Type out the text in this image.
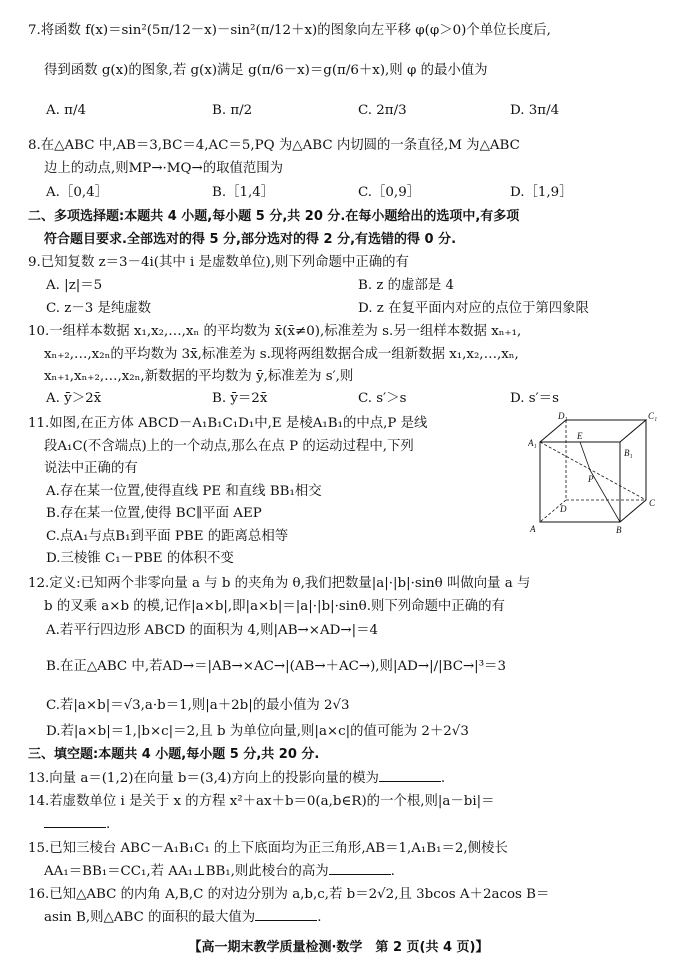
7.将函数 f(x)＝sin²(5π/12－x)－sin²(π/12＋x)的图象向左平移 φ(φ＞0)个单位长度后,
得到函数 g(x)的图象,若 g(x)满足 g(π/6－x)＝g(π/6＋x),则 φ 的最小值为
A. π/4	B. π/2	C. 2π/3	D. 3π/4
8.在△ABC 中,AB＝3,BC＝4,AC＝5,PQ 为△ABC 内切圆的一条直径,M 为△ABC
边上的动点,则MP→·MQ→的取值范围为
A.［0,4］	B.［1,4］	C.［0,9］	D.［1,9］
二、多项选择题:本题共 4 小题,每小题 5 分,共 20 分.在每小题给出的选项中,有多项
符合题目要求.全部选对的得 5 分,部分选对的得 2 分,有选错的得 0 分.
9.已知复数 z＝3－4i(其中 i 是虚数单位),则下列命题中正确的有
A. |z|＝5	B. z 的虚部是 4
C. z－3 是纯虚数	D. z 在复平面内对应的点位于第四象限
10.一组样本数据 x₁,x₂,…,xₙ 的平均数为 x̄(x̄≠0),标准差为 s.另一组样本数据 xₙ₊₁,
xₙ₊₂,…,x₂ₙ的平均数为 3x̄,标准差为 s.现将两组数据合成一组新数据 x₁,x₂,…,xₙ,
xₙ₊₁,xₙ₊₂,…,x₂ₙ,新数据的平均数为 ȳ,标准差为 s′,则
A. ȳ＞2x̄	B. ȳ＝2x̄	C. s′＞s	D. s′＝s
11.如图,在正方体 ABCD－A₁B₁C₁D₁中,E 是棱A₁B₁的中点,P 是线
段A₁C(不含端点)上的一个动点,那么在点 P 的运动过程中,下列
说法中正确的有
A.存在某一位置,使得直线 PE 和直线 BB₁相交
B.存在某一位置,使得 BC∥平面 AEP
C.点A₁与点B₁到平面 PBE 的距离总相等
D.三棱锥 C₁－PBE 的体积不变
D₁
A₁
E
B₁
C₁
P
D
C
A	B
12.定义:已知两个非零向量 a 与 b 的夹角为 θ,我们把数量|a|·|b|·sinθ 叫做向量 a 与
b 的叉乘 a×b 的模,记作|a×b|,即|a×b|＝|a|·|b|·sinθ.则下列命题中正确的有
A.若平行四边形 ABCD 的面积为 4,则|AB→×AD→|＝4
B.在正△ABC 中,若AD→＝|AB→×AC→|(AB→＋AC→),则|AD→|/|BC→|³＝3
C.若|a×b|＝√3,a·b＝1,则|a＋2b|的最小值为 2√3
D.若|a×b|＝1,|b×c|＝2,且 b 为单位向量,则|a×c|的值可能为 2＋2√3
三、填空题:本题共 4 小题,每小题 5 分,共 20 分.
13.向量 a＝(1,2)在向量 b＝(3,4)方向上的投影向量的模为	.
14.若虚数单位 i 是关于 x 的方程 x²＋ax＋b＝0(a,b∈R)的一个根,则|a－bi|＝
.
15.已知三棱台 ABC－A₁B₁C₁ 的上下底面均为正三角形,AB＝1,A₁B₁＝2,侧棱长
AA₁＝BB₁＝CC₁,若 AA₁⊥BB₁,则此棱台的高为	.
16.已知△ABC 的内角 A,B,C 的对边分别为 a,b,c,若 b＝2√2,且 3bcos A＋2acos B＝
asin B,则△ABC 的面积的最大值为	.
【高一期末教学质量检测·数学　第 2 页(共 4 页)】
